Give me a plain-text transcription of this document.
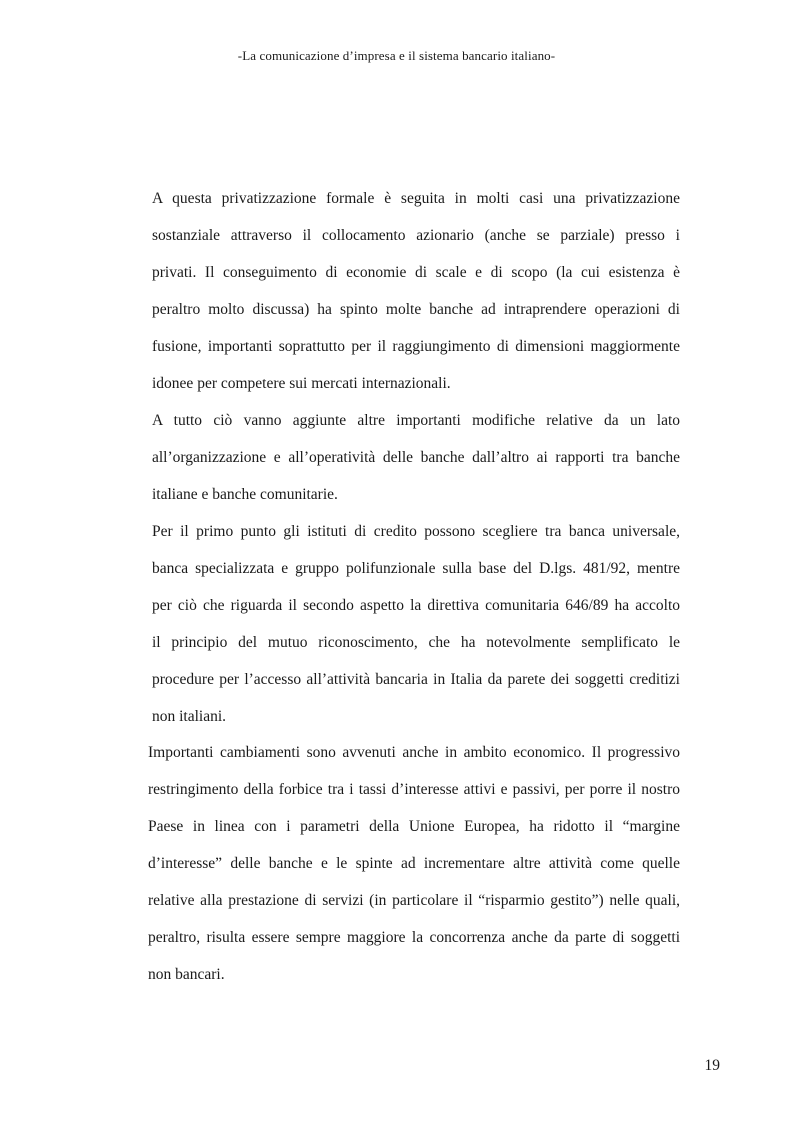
-La comunicazione d’impresa e il sistema bancario italiano-

A questa privatizzazione formale è seguita in molti casi una privatizzazione

sostanziale attraverso il collocamento azionario (anche se parziale) presso i

privati. Il conseguimento di economie di scale e di scopo (la cui esistenza è

peraltro molto discussa) ha spinto molte banche ad intraprendere operazioni di

fusione, importanti soprattutto per il raggiungimento di dimensioni maggiormente

idonee per competere sui mercati internazionali.

A tutto ciò vanno aggiunte altre importanti modifiche relative da un lato

all’organizzazione e all’operatività delle banche dall’altro ai rapporti tra banche

italiane e banche comunitarie.

Per il primo punto gli istituti di credito possono scegliere tra banca universale,

banca specializzata e gruppo polifunzionale sulla base del D.lgs. 481/92, mentre

per ciò che riguarda il secondo aspetto la direttiva comunitaria 646/89 ha accolto

il principio del mutuo riconoscimento, che ha notevolmente semplificato le

procedure per l’accesso all’attività bancaria in Italia da parete dei soggetti creditizi

non italiani.

Importanti cambiamenti sono avvenuti anche in ambito economico. Il progressivo

restringimento della forbice tra i tassi d’interesse attivi e passivi, per porre il nostro

Paese in linea con i parametri della Unione Europea, ha ridotto il “margine

d’interesse” delle banche e le spinte ad incrementare altre attività come quelle

relative alla prestazione di servizi (in particolare il “risparmio gestito”) nelle quali,

peraltro, risulta essere sempre maggiore la concorrenza anche da parte di soggetti

non bancari.

19
